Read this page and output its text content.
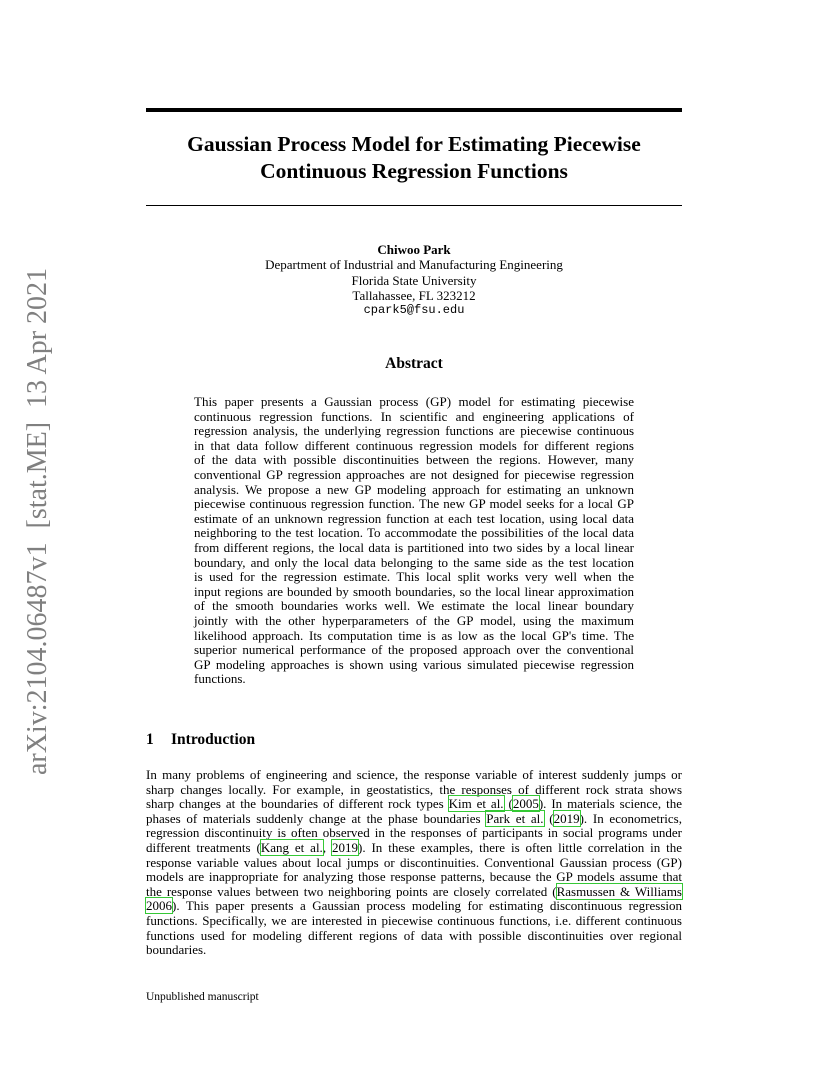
arXiv:2104.06487v1  [stat.ME]  13 Apr 2021
Gaussian Process Model for Estimating Piecewise
Continuous Regression Functions
Chiwoo Park
Department of Industrial and Manufacturing Engineering
Florida State University
Tallahassee, FL 323212
cpark5@fsu.edu
Abstract
This paper presents a Gaussian process (GP) model for estimating piecewise
continuous regression functions. In scientific and engineering applications of
regression analysis, the underlying regression functions are piecewise continuous
in that data follow different continuous regression models for different regions
of the data with possible discontinuities between the regions. However, many
conventional GP regression approaches are not designed for piecewise regression
analysis. We propose a new GP modeling approach for estimating an unknown
piecewise continuous regression function. The new GP model seeks for a local GP
estimate of an unknown regression function at each test location, using local data
neighboring to the test location. To accommodate the possibilities of the local data
from different regions, the local data is partitioned into two sides by a local linear
boundary, and only the local data belonging to the same side as the test location
is used for the regression estimate. This local split works very well when the
input regions are bounded by smooth boundaries, so the local linear approximation
of the smooth boundaries works well. We estimate the local linear boundary
jointly with the other hyperparameters of the GP model, using the maximum
likelihood approach. Its computation time is as low as the local GP's time. The
superior numerical performance of the proposed approach over the conventional
GP modeling approaches is shown using various simulated piecewise regression
functions.
1 Introduction
In many problems of engineering and science, the response variable of interest suddenly jumps or
sharp changes locally. For example, in geostatistics, the responses of different rock strata shows
sharp changes at the boundaries of different rock types Kim et al. (2005). In materials science, the
phases of materials suddenly change at the phase boundaries Park et al. (2019). In econometrics,
regression discontinuity is often observed in the responses of participants in social programs under
different treatments (Kang et al., 2019). In these examples, there is often little correlation in the
response variable values about local jumps or discontinuities. Conventional Gaussian process (GP)
models are inappropriate for analyzing those response patterns, because the GP models assume that
the response values between two neighboring points are closely correlated (Rasmussen & Williams
2006). This paper presents a Gaussian process modeling for estimating discontinuous regression
functions. Specifically, we are interested in piecewise continuous functions, i.e. different continuous
functions used for modeling different regions of data with possible discontinuities over regional
boundaries.
Unpublished manuscript
